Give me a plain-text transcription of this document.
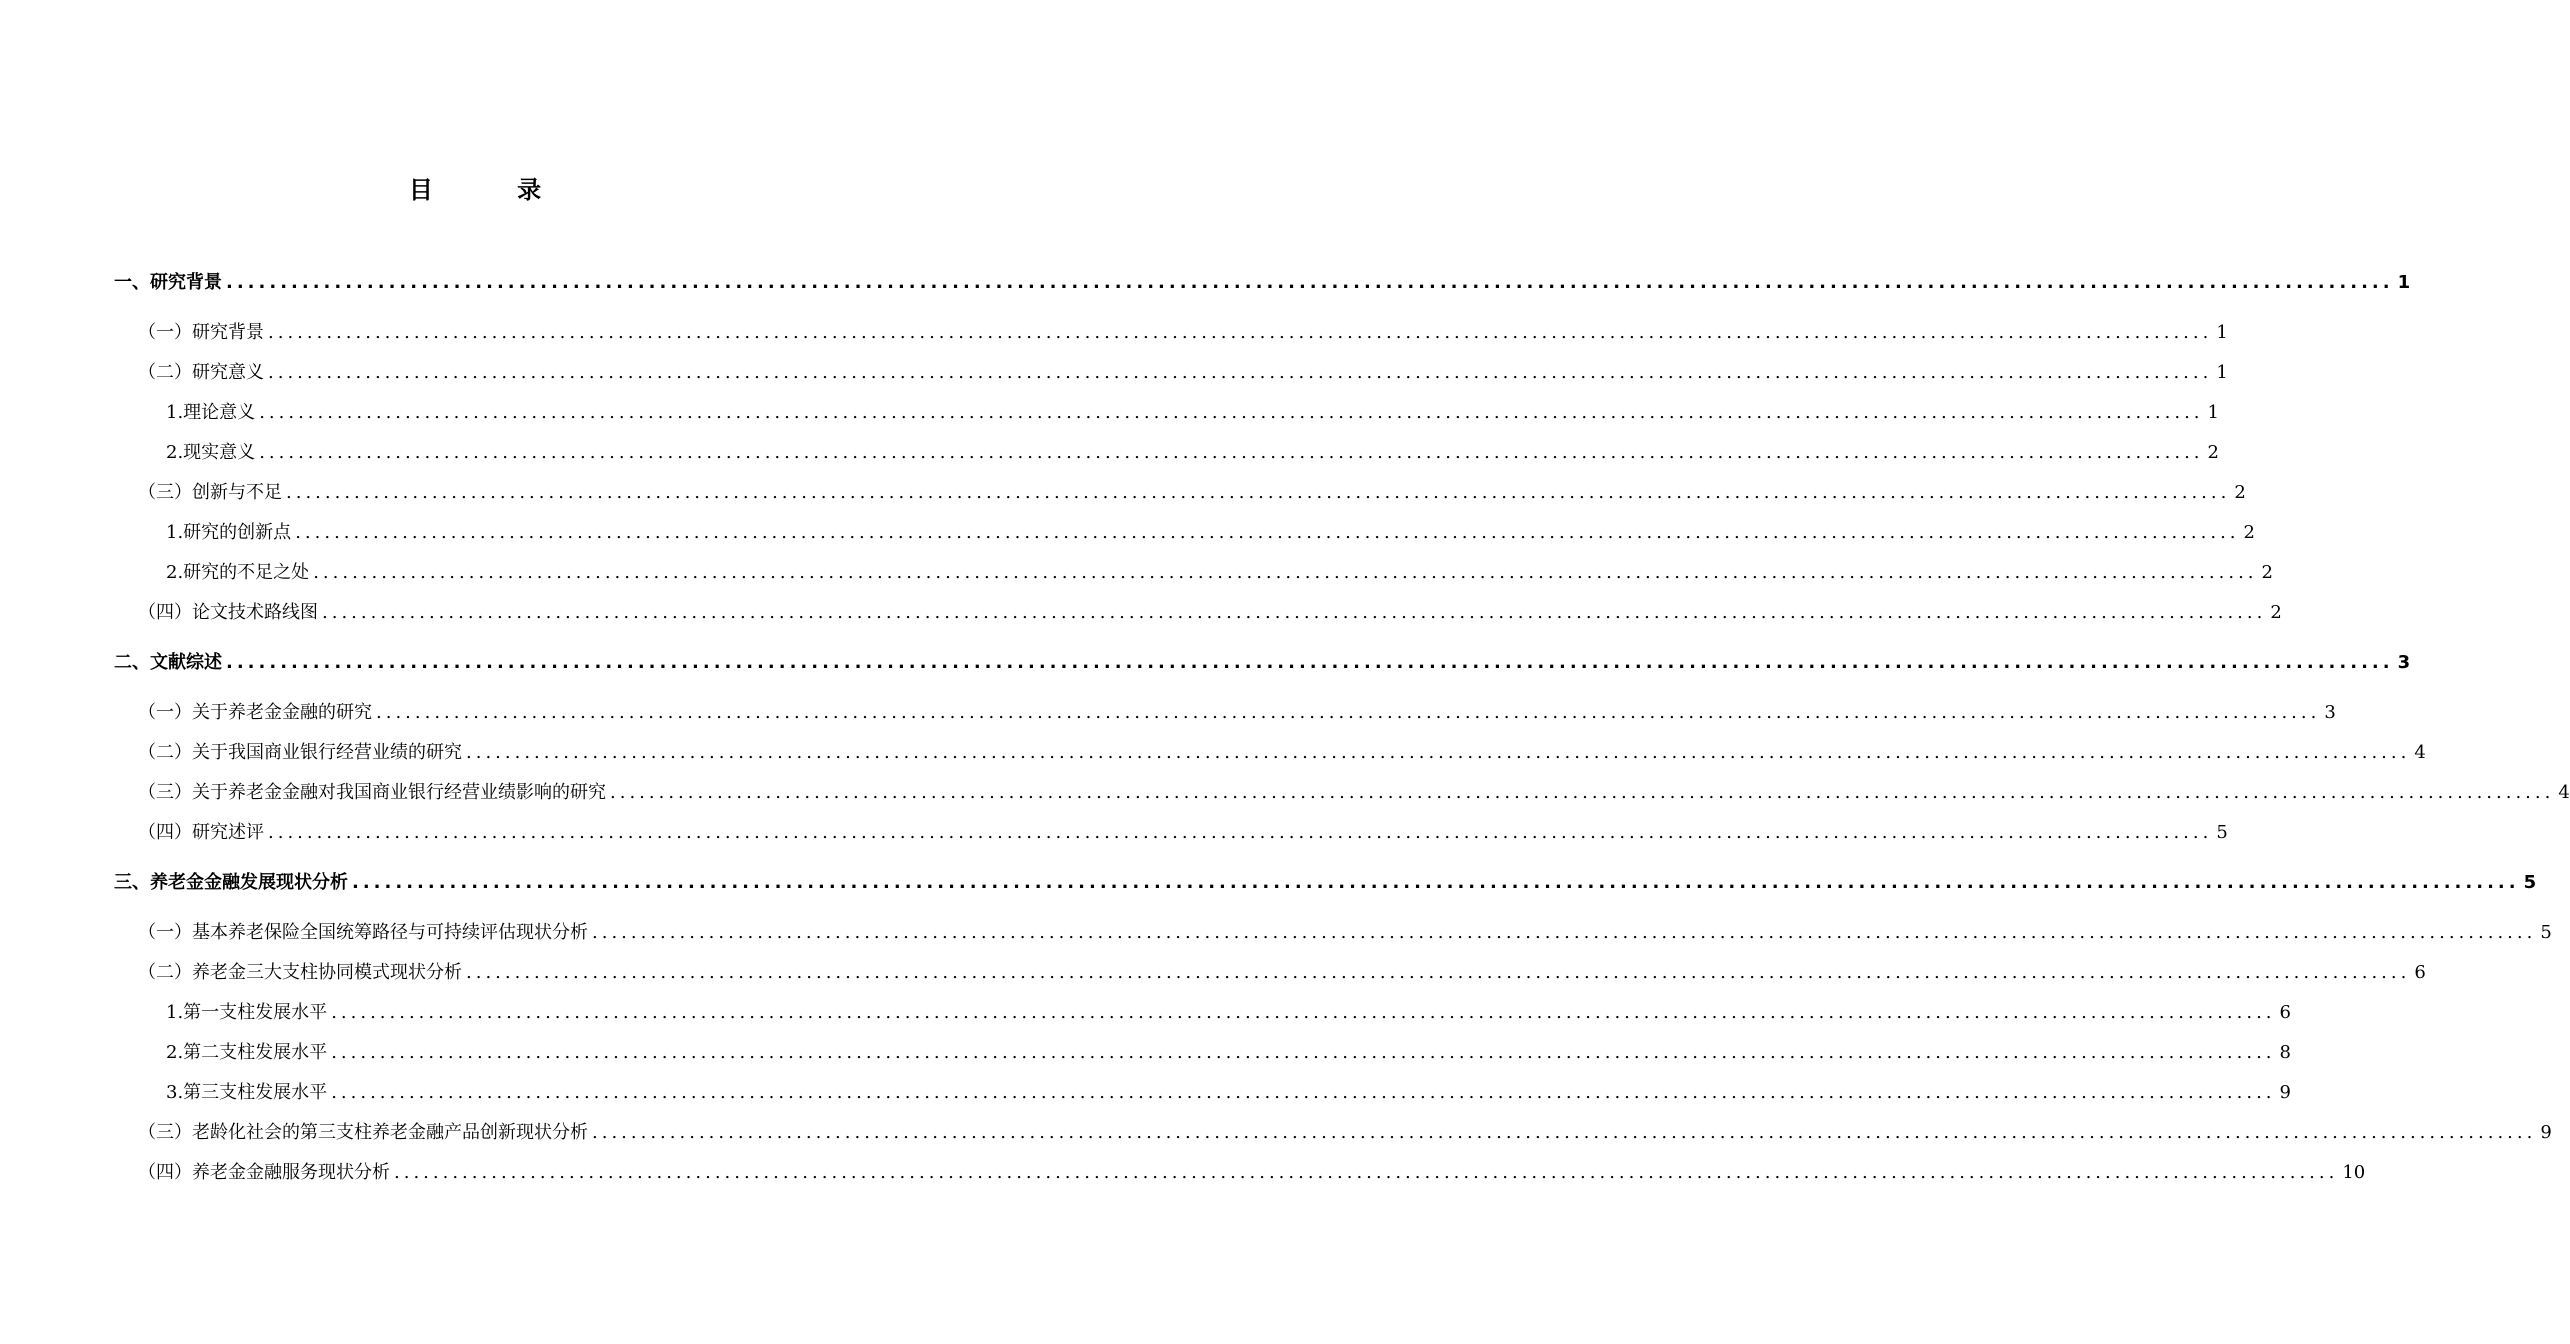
目 录
一、研究背景 ........................................................................................................................................................................................................ 1
（一）研究背景 ........................................................................................................................................................................................................ 1
（二）研究意义 ........................................................................................................................................................................................................ 1
1.理论意义 ........................................................................................................................................................................................................ 1
2.现实意义 ........................................................................................................................................................................................................ 2
（三）创新与不足 ........................................................................................................................................................................................................ 2
1.研究的创新点 ........................................................................................................................................................................................................ 2
2.研究的不足之处 ........................................................................................................................................................................................................ 2
（四）论文技术路线图 ........................................................................................................................................................................................................ 2
二、文献综述 ........................................................................................................................................................................................................ 3
（一）关于养老金金融的研究 ........................................................................................................................................................................................................ 3
（二）关于我国商业银行经营业绩的研究 ........................................................................................................................................................................................................ 4
（三）关于养老金金融对我国商业银行经营业绩影响的研究 ........................................................................................................................................................................................................ 4
（四）研究述评 ........................................................................................................................................................................................................ 5
三、养老金金融发展现状分析 ........................................................................................................................................................................................................ 5
（一）基本养老保险全国统筹路径与可持续评估现状分析 ........................................................................................................................................................................................................ 5
（二）养老金三大支柱协同模式现状分析 ........................................................................................................................................................................................................ 6
1.第一支柱发展水平 ........................................................................................................................................................................................................ 6
2.第二支柱发展水平 ........................................................................................................................................................................................................ 8
3.第三支柱发展水平 ........................................................................................................................................................................................................ 9
（三）老龄化社会的第三支柱养老金融产品创新现状分析 ........................................................................................................................................................................................................ 9
（四）养老金金融服务现状分析 ........................................................................................................................................................................................................ 10
